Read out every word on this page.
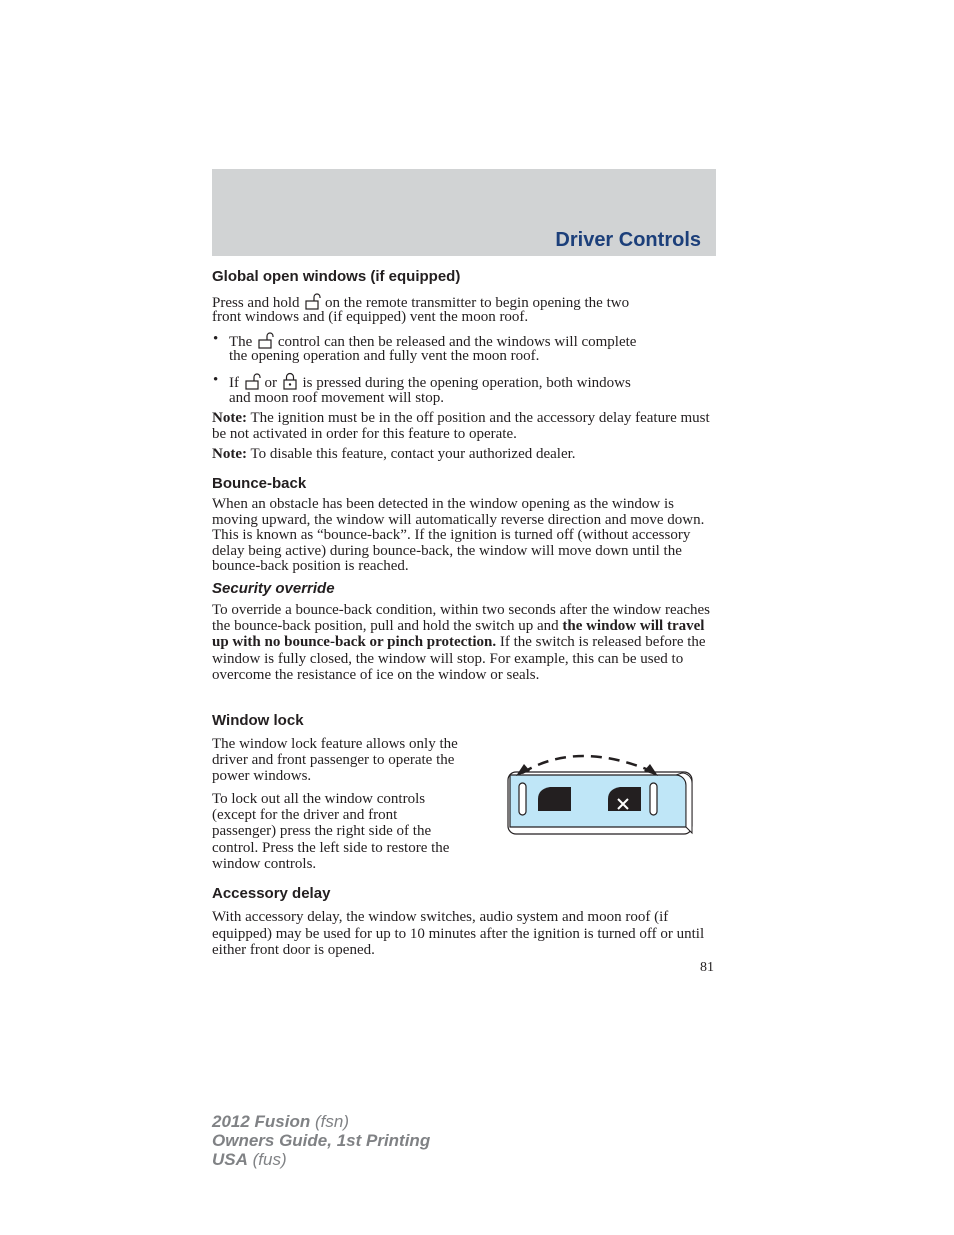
Driver Controls
Global open windows (if equipped)
Press and hold on the remote transmitter to begin opening the two
front windows and (if equipped) vent the moon roof.
• The control can then be released and the windows will complete
the opening operation and fully vent the moon roof.
• If or is pressed during the opening operation, both windows
and moon roof movement will stop.
Note: The ignition must be in the off position and the accessory delay feature must be not activated in order for this feature to operate.
Note: To disable this feature, contact your authorized dealer.
Bounce-back
When an obstacle has been detected in the window opening as the window is moving upward, the window will automatically reverse direction and move down. This is known as “bounce-back”. If the ignition is turned off (without accessory delay being active) during bounce-back, the window will move down until the bounce-back position is reached.
Security override
To override a bounce-back condition, within two seconds after the window reaches the bounce-back position, pull and hold the switch up and the window will travel up with no bounce-back or pinch protection. If the switch is released before the window is fully closed, the window will stop. For example, this can be used to overcome the resistance of ice on the window or seals.
Window lock
The window lock feature allows only the driver and front passenger to operate the power windows.
To lock out all the window controls (except for the driver and front passenger) press the right side of the control. Press the left side to restore the window controls.
Accessory delay
With accessory delay, the window switches, audio system and moon roof (if equipped) may be used for up to 10 minutes after the ignition is turned off or until either front door is opened.
81
2012 Fusion (fsn)
Owners Guide, 1st Printing
USA (fus)
